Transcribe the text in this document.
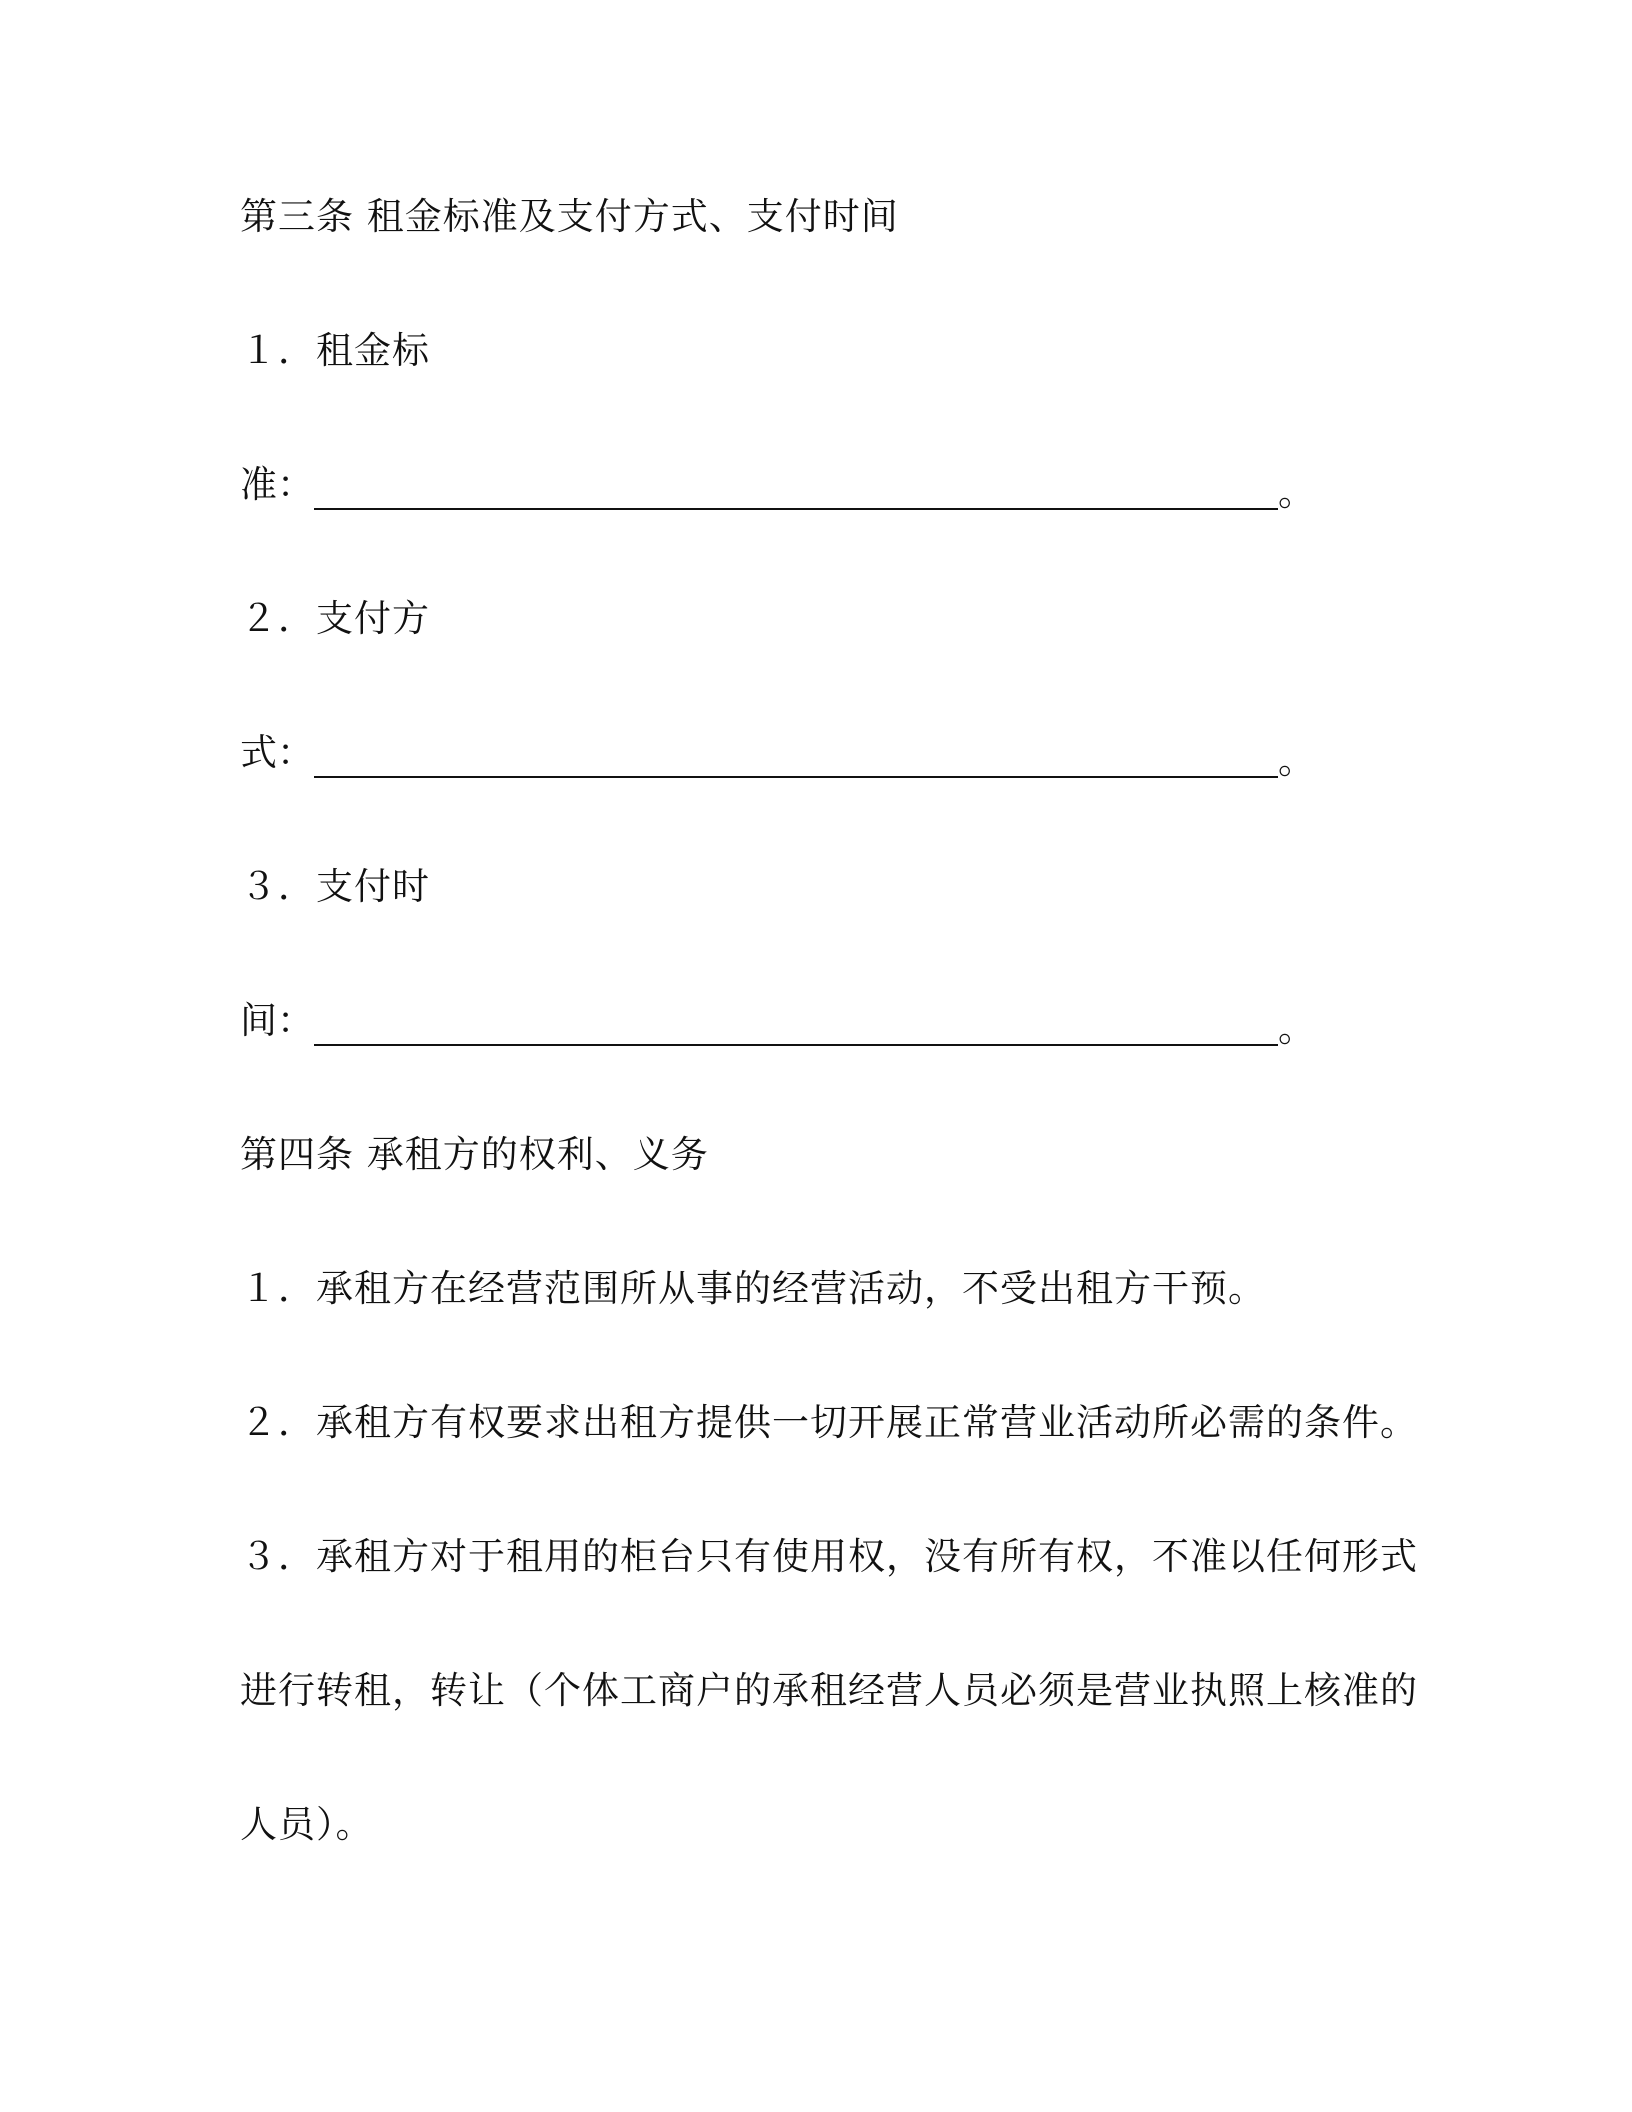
第三条 租金标准及支付方式、支付时间
１．租金标
准：	。
２．支付方
式：	。
３．支付时
间：	。
第四条 承租方的权利、义务
１．承租方在经营范围所从事的经营活动，不受出租方干预。
２．承租方有权要求出租方提供一切开展正常营业活动所必需的条件。
３．承租方对于租用的柜台只有使用权，没有所有权，不准以任何形式
进行转租，转让（个体工商户的承租经营人员必须是营业执照上核准的
人员）。
